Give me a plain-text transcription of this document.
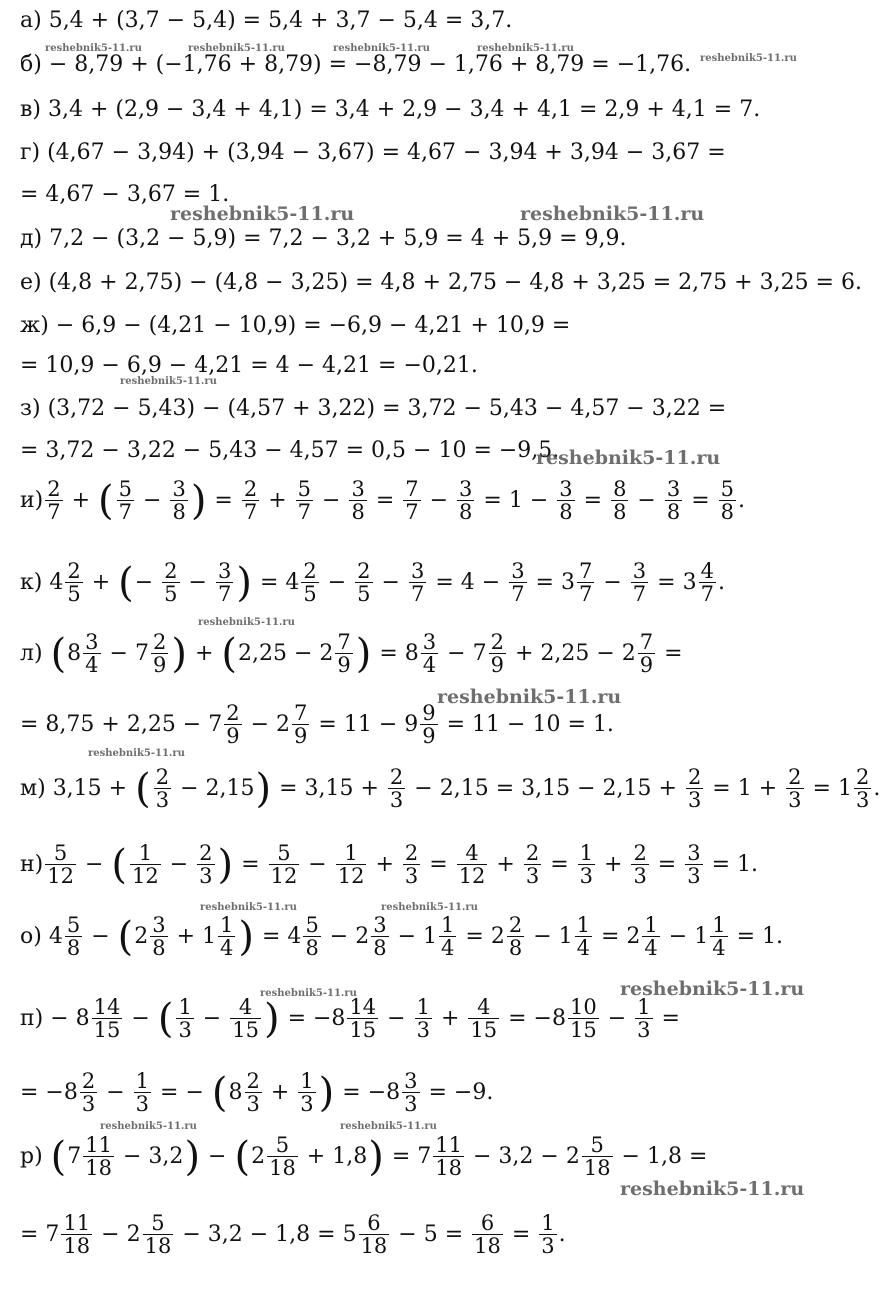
а) 5,4 + (3,7 − 5,4) = 5,4 + 3,7 − 5,4 = 3,7.
б) − 8,79 + (−1,76 + 8,79) = −8,79 − 1,76 + 8,79 = −1,76.
в) 3,4 + (2,9 − 3,4 + 4,1) = 3,4 + 2,9 − 3,4 + 4,1 = 2,9 + 4,1 = 7.
г) (4,67 − 3,94) + (3,94 − 3,67) = 4,67 − 3,94 + 3,94 − 3,67 =
= 4,67 − 3,67 = 1.
д) 7,2 − (3,2 − 5,9) = 7,2 − 3,2 + 5,9 = 4 + 5,9 = 9,9.
е) (4,8 + 2,75) − (4,8 − 3,25) = 4,8 + 2,75 − 4,8 + 3,25 = 2,75 + 3,25 = 6.
ж) − 6,9 − (4,21 − 10,9) = −6,9 − 4,21 + 10,9 =
= 10,9 − 6,9 − 4,21 = 4 − 4,21 = −0,21.
з) (3,72 − 5,43) − (4,57 + 3,22) = 3,72 − 5,43 − 4,57 − 3,22 =
= 3,72 − 3,22 − 5,43 − 4,57 = 0,5 − 10 = −9,5.
$и) \frac{2}{7}$ + ( $\frac{5}{7} - \frac{3}{8}$ ) = $\frac{2}{7} + \frac{5}{7} - \frac{3}{8} = \frac{7}{7} - \frac{3}{8} = 1 - \frac{3}{8} = \frac{8}{8} - \frac{3}{8} = \frac{5}{8}$ .
к) $4 \frac{2}{5}$ + ( − $\frac{2}{5} - \frac{3}{7}$ ) = $4 \frac{2}{5} - \frac{2}{5} - \frac{3}{7} = 4 - \frac{3}{7} = 3 \frac{7}{7} - \frac{3}{7} = 3 \frac{4}{7}$ .
л) ( $8 \frac{3}{4} - 7 \frac{2}{9}$ ) + ( $2,25 - 2 \frac{7}{9}$ ) = $8 \frac{3}{4} - 7 \frac{2}{9} + 2,25 - 2 \frac{7}{9}$ =
= $8,75 + 2,25 - 7 \frac{2}{9} - 2 \frac{7}{9} = 11 - 9 \frac{9}{9} = 11 - 10 = 1$.
м) 3,15 + ( $\frac{2}{3} - 2,15$ ) = $3,15 + \frac{2}{3} - 2,15 = 3,15 - 2,15 + \frac{2}{3} = 1 + \frac{2}{3} = 1 \frac{2}{3}$ .
$н) \frac{5}{12}$ − ( $\frac{1}{12} - \frac{2}{3}$ ) = $\frac{5}{12} - \frac{1}{12} + \frac{2}{3} = \frac{4}{12} + \frac{2}{3} = \frac{1}{3} + \frac{2}{3} = \frac{3}{3} = 1$.
о) $4 \frac{5}{8}$ − ( $2 \frac{3}{8} + 1 \frac{1}{4}$ ) = $4 \frac{5}{8} - 2 \frac{3}{8} - 1 \frac{1}{4} = 2 \frac{2}{8} - 1 \frac{1}{4} = 2 \frac{1}{4} - 1 \frac{1}{4} = 1$.
$п) - 8 \frac{14}{15}$ − ( $\frac{1}{3} - \frac{4}{15}$ ) = $-8 \frac{14}{15} - \frac{1}{3} + \frac{4}{15} = -8 \frac{10}{15} - \frac{1}{3}$ =
= $-8 \frac{2}{3} - \frac{1}{3}$ = − ( $8 \frac{2}{3} + \frac{1}{3}$ ) = $-8 \frac{3}{3} = -9$.
р) ( $7 \frac{11}{18} - 3,2$ ) − ( $2 \frac{5}{18} + 1,8$ ) = $7 \frac{11}{18} - 3,2 - 2 \frac{5}{18} - 1,8$ =
= $7 \frac{11}{18} - 2 \frac{5}{18} - 3,2 - 1,8 = 5 \frac{6}{18} - 5 = \frac{6}{18} = \frac{1}{3}$ .
reshebnik5-11.ru	reshebnik5-11.ru	reshebnik5-11.ru	reshebnik5-11.ru
reshebnik5-11.ru
reshebnik5-11.ru	reshebnik5-11.ru
reshebnik5-11.ru
reshebnik5-11.ru
reshebnik5-11.ru
reshebnik5-11.ru
reshebnik5-11.ru
reshebnik5-11.ru	reshebnik5-11.ru
reshebnik5-11.ru	reshebnik5-11.ru
reshebnik5-11.ru	reshebnik5-11.ru
reshebnik5-11.ru
